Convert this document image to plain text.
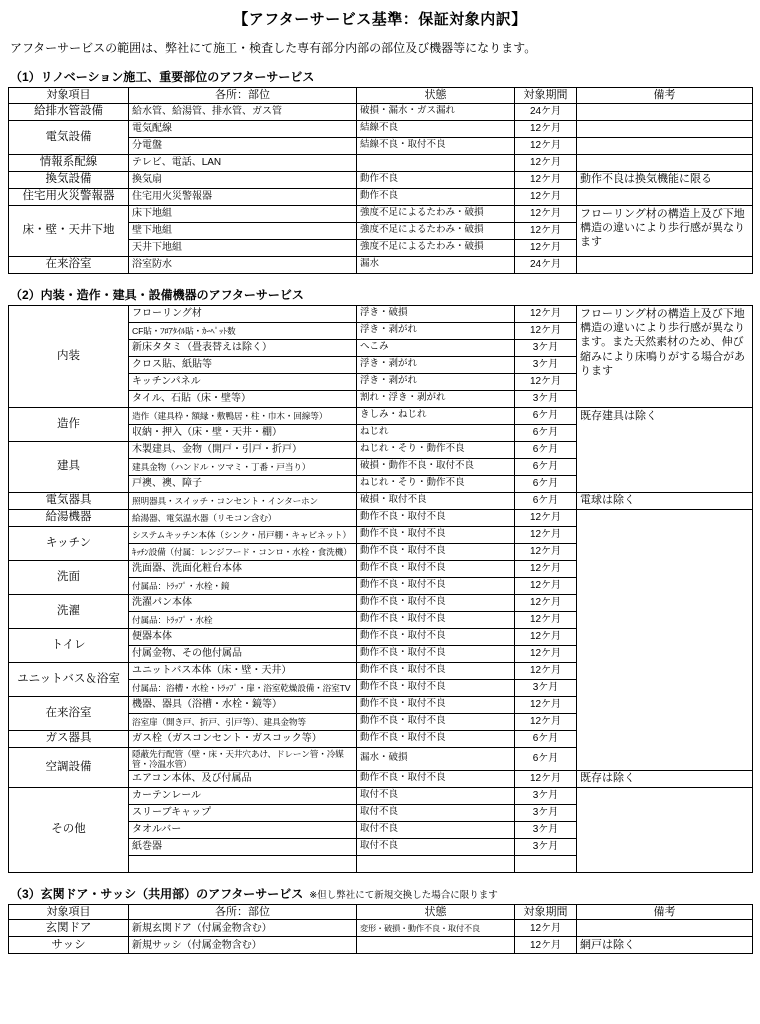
【アフターサービス基準：保証対象内訳】
アフターサービスの範囲は、弊社にて施工・検査した専有部分内部の部位及び機器等になります。
（1）リノベーション施工、重要部位のアフターサービス
対象項目	各所：部位	状態	対象期間	備考
給排水管設備	給水管、給湯管、排水管、ガス管	破損・漏水・ガス漏れ	24ケ月	
電気設備	電気配線	結線不良	12ケ月	
	分電盤	結線不良・取付不良	12ケ月	
情報系配線	テレビ、電話、LAN		12ケ月	
換気設備	換気扇	動作不良	12ケ月	動作不良は換気機能に限る
住宅用火災警報器	住宅用火災警報器	動作不良	12ケ月	
床・壁・天井下地	床下地組	強度不足によるたわみ・破損	12ケ月	フローリング材の構造上及び下地構造の違いにより歩行感が異なります
	壁下地組	強度不足によるたわみ・破損	12ケ月	
	天井下地組	強度不足によるたわみ・破損	12ケ月	
在来浴室	浴室防水	漏水	24ケ月	
（2）内装・造作・建具・設備機器のアフターサービス
内装	フローリング材	浮き・破損	12ケ月	フローリング材の構造上及び下地構造の違いにより歩行感が異なります。また天然素材のため、伸び縮みにより床鳴りがする場合があります
	CF貼・ﾌﾛｱﾀｲﾙ貼・ｶｰﾍﾟｯﾄ数	浮き・剥がれ	12ケ月	
	新床タタミ（畳表替えは除く）	へこみ	3ケ月	
	クロス貼、紙貼等	浮き・剥がれ	3ケ月	
	キッチンパネル	浮き・剥がれ	12ケ月	
	タイル、石貼（床・壁等）	割れ・浮き・剥がれ	3ケ月	
造作	造作（建具枠・額縁・敷鴨居・柱・巾木・回線等）	きしみ・ねじれ	6ケ月	既存建具は除く
	収納・押入（床・壁・天井・棚）	ねじれ	6ケ月	
建具	木製建具、金物（開戸・引戸・折戸）	ねじれ・そり・動作不良	6ケ月	
	建具金物（ハンドル・ツマミ・丁番・戸当り）	破損・動作不良・取付不良	6ケ月	
	戸襖、襖、障子	ねじれ・そり・動作不良	6ケ月	
電気器具	照明器具・スイッチ・コンセント・インターホン	破損・取付不良	6ケ月	電球は除く
給湯機器	給湯器、電気温水器（リモコン含む）	動作不良・取付不良	12ケ月	
キッチン	システムキッチン本体（シンク・吊戸棚・キャビネット）	動作不良・取付不良	12ケ月	
	ｷｯﾁﾝ設備（付属：レンジフード・コンロ・水栓・食洗機）	動作不良・取付不良	12ケ月	
洗面	洗面器、洗面化粧台本体	動作不良・取付不良	12ケ月	
	付属品：ﾄﾗｯﾌﾟ・水栓・鏡	動作不良・取付不良	12ケ月	
洗濯	洗濯パン本体	動作不良・取付不良	12ケ月	
	付属品：ﾄﾗｯﾌﾟ・水栓	動作不良・取付不良	12ケ月	
トイレ	便器本体	動作不良・取付不良	12ケ月	
	付属金物、その他付属品	動作不良・取付不良	12ケ月	
ユニットバス＆浴室	ユニットバス本体（床・壁・天井）	動作不良・取付不良	12ケ月	
	付属品：浴槽・水栓・ﾄﾗｯﾌﾟ・扉・浴室乾燥設備・浴室TV	動作不良・取付不良	3ケ月	
在来浴室	機器、器具（浴槽・水栓・鏡等）	動作不良・取付不良	12ケ月	
	浴室扉（開き戸、折戸、引戸等）、建具金物等	動作不良・取付不良	12ケ月	
ガス器具	ガス栓（ガスコンセント・ガスコック等）	動作不良・取付不良	6ケ月	
空調設備	隠蔽先行配管（壁・床・天井穴あけ、ドレーン管・冷媒管・冷温水管）	漏水・破損	6ケ月	
	エアコン本体、及び付属品	動作不良・取付不良	12ケ月	既存は除く
その他	カーテンレール	取付不良	3ケ月	
	スリーブキャップ	取付不良	3ケ月	
	タオルバー	取付不良	3ケ月	
	紙巻器	取付不良	3ケ月	

（3）玄関ドア・サッシ（共用部）のアフターサービス ※但し弊社にて新規交換した場合に限ります
対象項目	各所：部位	状態	対象期間	備考
玄関ドア	新規玄関ドア（付属金物含む）	変形・破損・動作不良・取付不良	12ケ月	
サッシ	新規サッシ（付属金物含む）		12ケ月	網戸は除く
